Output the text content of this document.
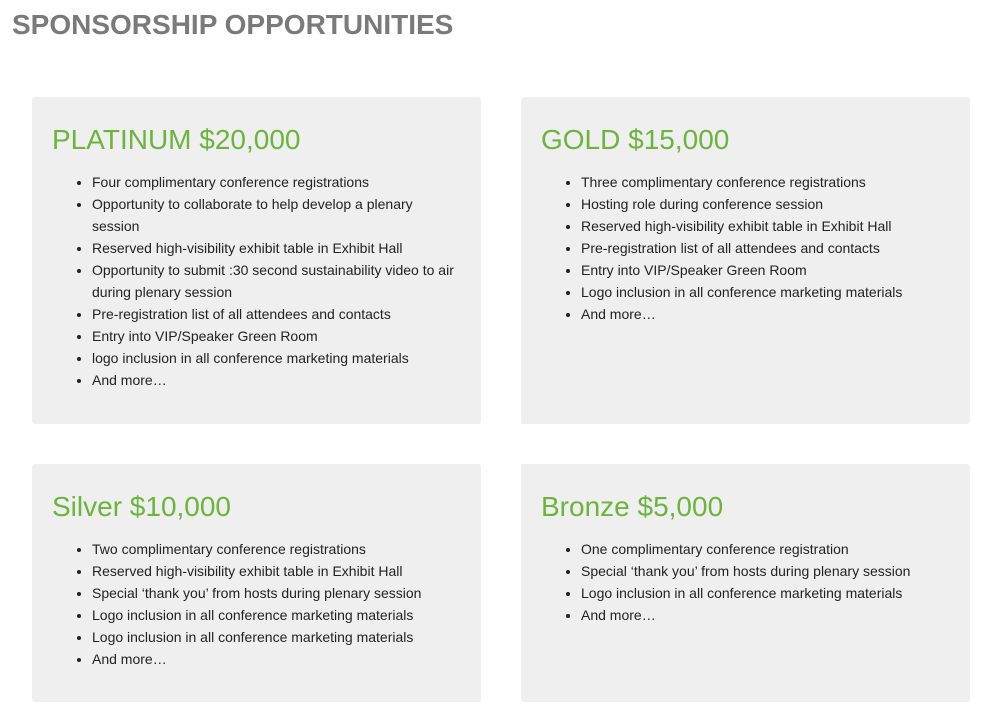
SPONSORSHIP OPPORTUNITIES
PLATINUM $20,000
• Four complimentary conference registrations
• Opportunity to collaborate to help develop a plenary session
• Reserved high-visibility exhibit table in Exhibit Hall
• Opportunity to submit :30 second sustainability video to air during plenary session
• Pre-registration list of all attendees and contacts
• Entry into VIP/Speaker Green Room
• logo inclusion in all conference marketing materials
• And more…
GOLD $15,000
• Three complimentary conference registrations
• Hosting role during conference session
• Reserved high-visibility exhibit table in Exhibit Hall
• Pre-registration list of all attendees and contacts
• Entry into VIP/Speaker Green Room
• Logo inclusion in all conference marketing materials
• And more…
Silver $10,000
• Two complimentary conference registrations
• Reserved high-visibility exhibit table in Exhibit Hall
• Special ‘thank you’ from hosts during plenary session
• Logo inclusion in all conference marketing materials
• Logo inclusion in all conference marketing materials
• And more…
Bronze $5,000
• One complimentary conference registration
• Special ‘thank you’ from hosts during plenary session
• Logo inclusion in all conference marketing materials
• And more…
